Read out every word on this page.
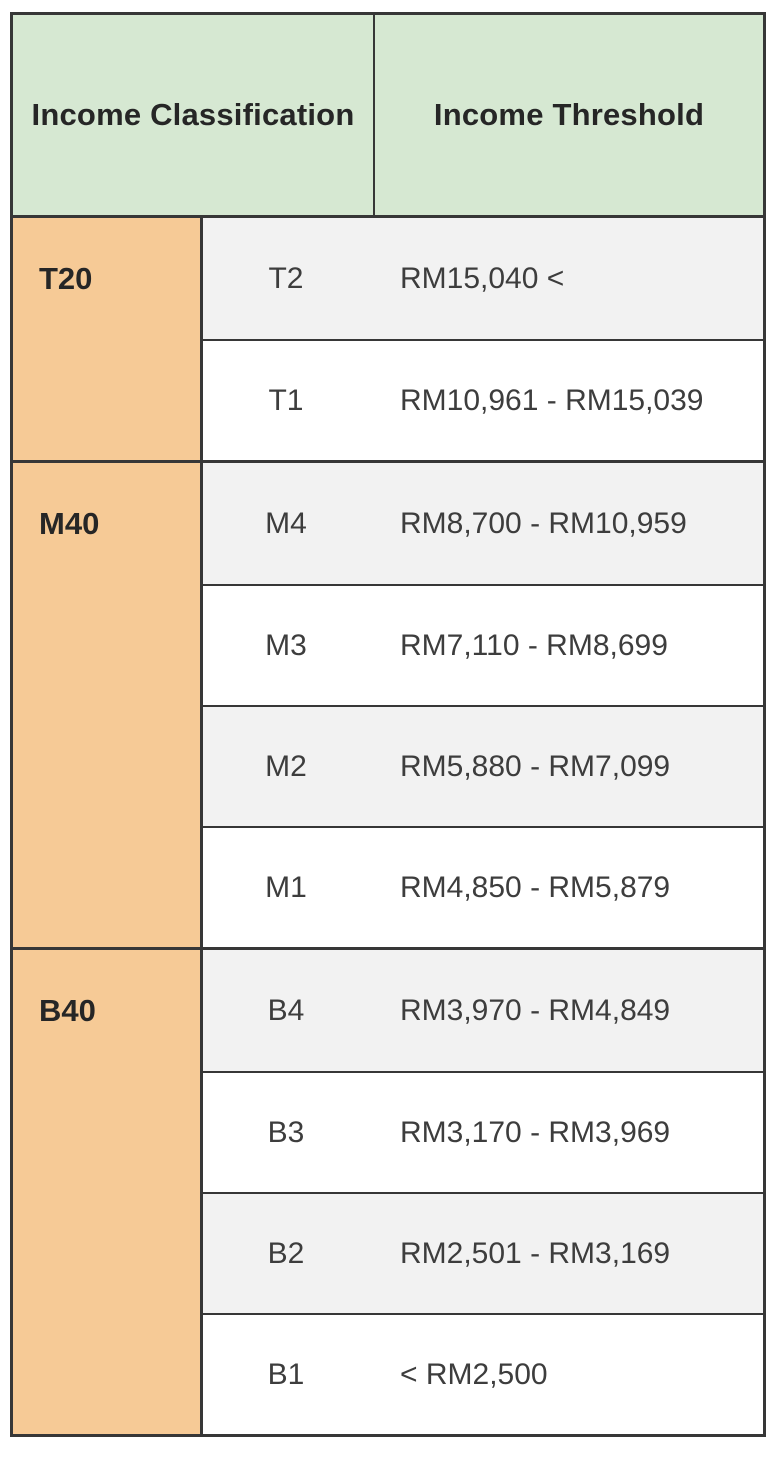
Income Classification	Income Threshold
T20	T2	RM15,040 <
T1	RM10,961 - RM15,039
M40	M4	RM8,700 - RM10,959
M3	RM7,110 - RM8,699
M2	RM5,880 - RM7,099
M1	RM4,850 - RM5,879
B40	B4	RM3,970 - RM4,849
B3	RM3,170 - RM3,969
B2	RM2,501 - RM3,169
B1	< RM2,500
